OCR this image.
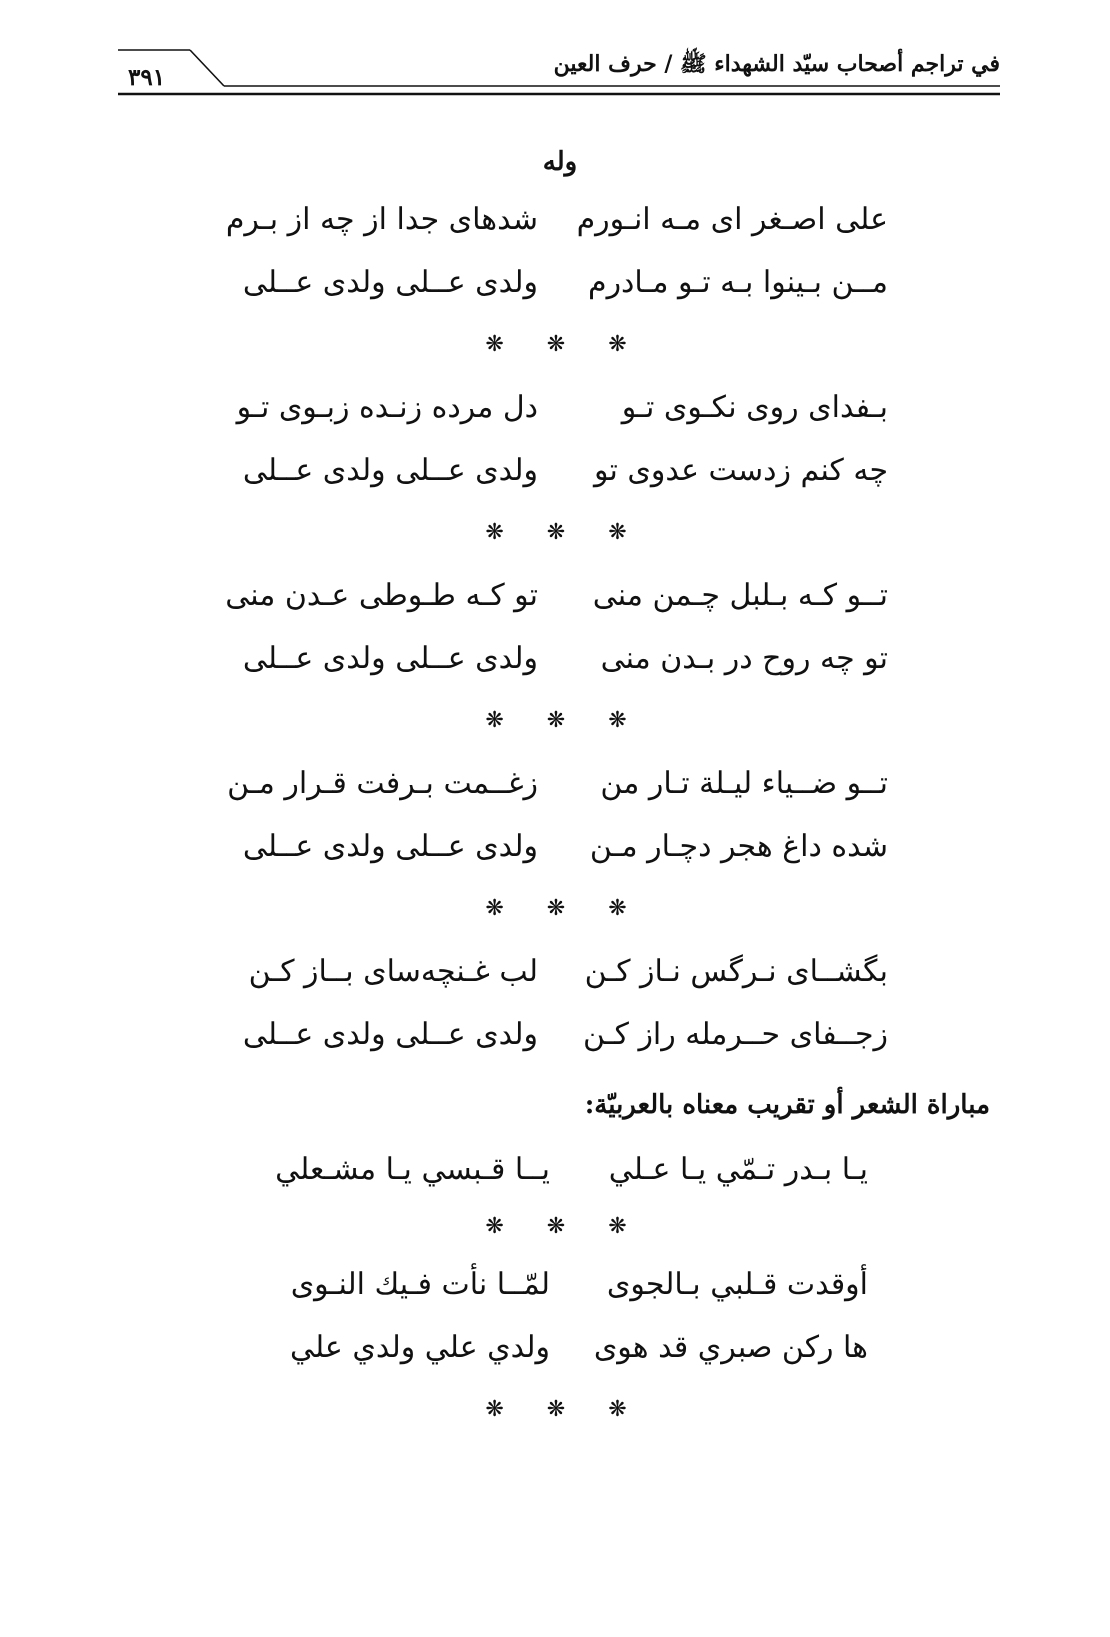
في تراجم أصحاب سيّد الشهداء ﷺ / حرف العين
٣٩١
وله
على اصـغر اى مـه انـورم
شدهاى جدا از چه از بـرم
مــن بـينوا بـه تـو مـادرم
ولدى عــلى ولدى عــلى
❋ ❋ ❋
بـفداى روى نكـوى تـو
دل مرده زنـده زبـوى تـو
چه كنم زدست عدوى تو
ولدى عــلى ولدى عــلى
❋ ❋ ❋
تــو كـه بـلبل چـمن منى
تو كـه طـوطى عـدن منى
تو چه روح در بـدن منى
ولدى عــلى ولدى عــلى
❋ ❋ ❋
تــو ضــياء ليـلة تـار من
زغــمت بـرفت قـرار مـن
شده داغ هجر دچـار مـن
ولدى عــلى ولدى عــلى
❋ ❋ ❋
بگشــاى نـرگس نـاز كـن
لب غـنچه‌ساى بــاز كـن
زجــفاى حــرمله راز كـن
ولدى عــلى ولدى عــلى
مباراة الشعر أو تقريب معناه بالعربيّة:
يـا بـدر تـمّي يـا عـلي
يــا قـبسي يـا مشـعلي
❋ ❋ ❋
أوقدت قـلبي بـالجوى
لمّــا نأت فـيك النـوى
ها ركن صبري قد هوى
ولدي علي ولدي علي
❋ ❋ ❋
